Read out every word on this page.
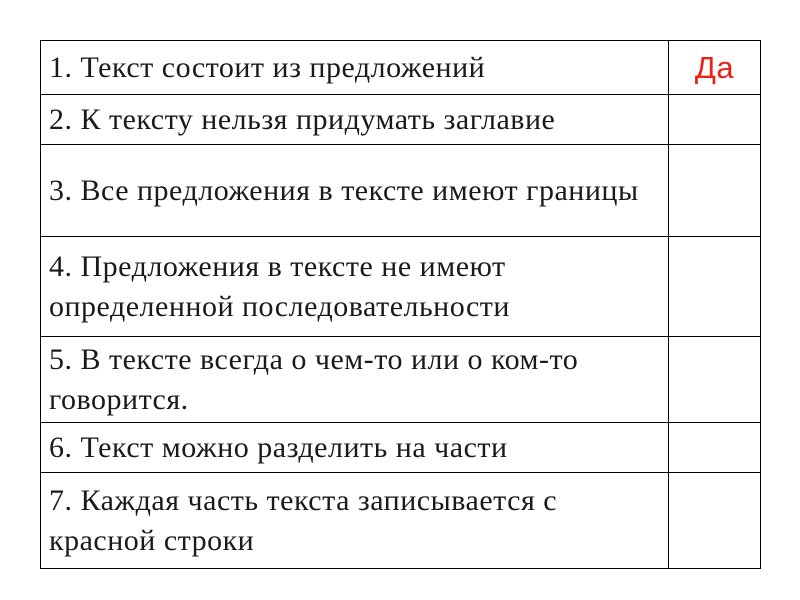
1. Текст состоит из предложений	Да
2. К тексту нельзя придумать заглавие	
3. Все предложения в тексте имеют границы	
4. Предложения в тексте не имеют определенной последовательности	
5. В тексте всегда о чем-то или о ком-то говорится.	
6. Текст можно разделить на части	
7. Каждая часть текста записывается с красной строки	
